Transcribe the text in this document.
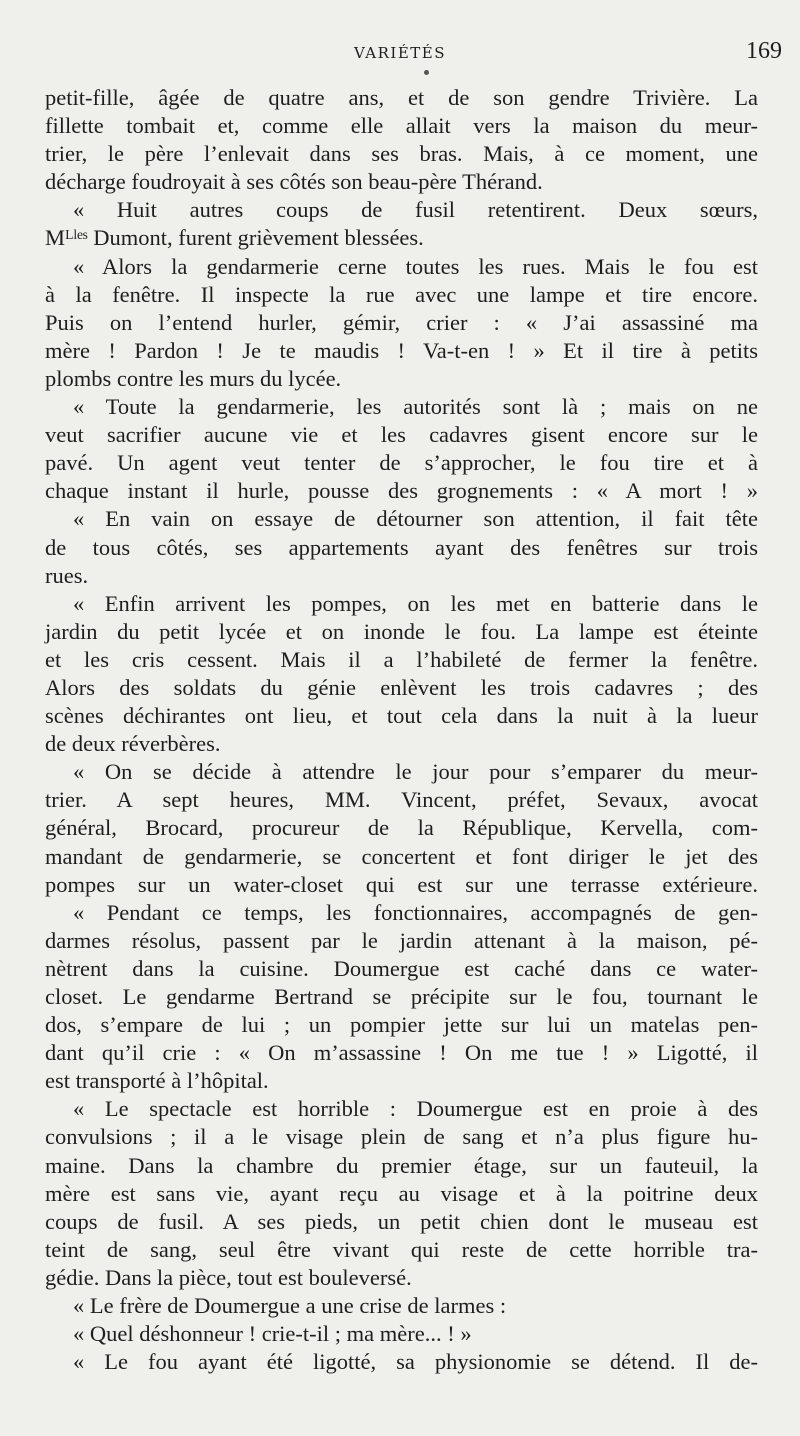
VARIÉTÉS	169
petit-fille, âgée de quatre ans, et de son gendre Trivière. La
fillette tombait et, comme elle allait vers la maison du meur-
trier, le père l’enlevait dans ses bras. Mais, à ce moment, une
décharge foudroyait à ses côtés son beau-père Thérand.
« Huit autres coups de fusil retentirent. Deux sœurs,
Mᴸˡᵉˢ Dumont, furent grièvement blessées.
« Alors la gendarmerie cerne toutes les rues. Mais le fou est
à la fenêtre. Il inspecte la rue avec une lampe et tire encore.
Puis on l’entend hurler, gémir, crier : « J’ai assassiné ma
mère ! Pardon ! Je te maudis ! Va-t-en ! » Et il tire à petits
plombs contre les murs du lycée.
« Toute la gendarmerie, les autorités sont là ; mais on ne
veut sacrifier aucune vie et les cadavres gisent encore sur le
pavé. Un agent veut tenter de s’approcher, le fou tire et à
chaque instant il hurle, pousse des grognements : « A mort ! »
« En vain on essaye de détourner son attention, il fait tête
de tous côtés, ses appartements ayant des fenêtres sur trois
rues.
« Enfin arrivent les pompes, on les met en batterie dans le
jardin du petit lycée et on inonde le fou. La lampe est éteinte
et les cris cessent. Mais il a l’habileté de fermer la fenêtre.
Alors des soldats du génie enlèvent les trois cadavres ; des
scènes déchirantes ont lieu, et tout cela dans la nuit à la lueur
de deux réverbères.
« On se décide à attendre le jour pour s’emparer du meur-
trier. A sept heures, MM. Vincent, préfet, Sevaux, avocat
général, Brocard, procureur de la République, Kervella, com-
mandant de gendarmerie, se concertent et font diriger le jet des
pompes sur un water-closet qui est sur une terrasse extérieure.
« Pendant ce temps, les fonctionnaires, accompagnés de gen-
darmes résolus, passent par le jardin attenant à la maison, pé-
nètrent dans la cuisine. Doumergue est caché dans ce water-
closet. Le gendarme Bertrand se précipite sur le fou, tournant le
dos, s’empare de lui ; un pompier jette sur lui un matelas pen-
dant qu’il crie : « On m’assassine ! On me tue ! » Ligotté, il
est transporté à l’hôpital.
« Le spectacle est horrible : Doumergue est en proie à des
convulsions ; il a le visage plein de sang et n’a plus figure hu-
maine. Dans la chambre du premier étage, sur un fauteuil, la
mère est sans vie, ayant reçu au visage et à la poitrine deux
coups de fusil. A ses pieds, un petit chien dont le museau est
teint de sang, seul être vivant qui reste de cette horrible tra-
gédie. Dans la pièce, tout est bouleversé.
« Le frère de Doumergue a une crise de larmes :
« Quel déshonneur ! crie-t-il ; ma mère... ! »
« Le fou ayant été ligotté, sa physionomie se détend. Il de-
